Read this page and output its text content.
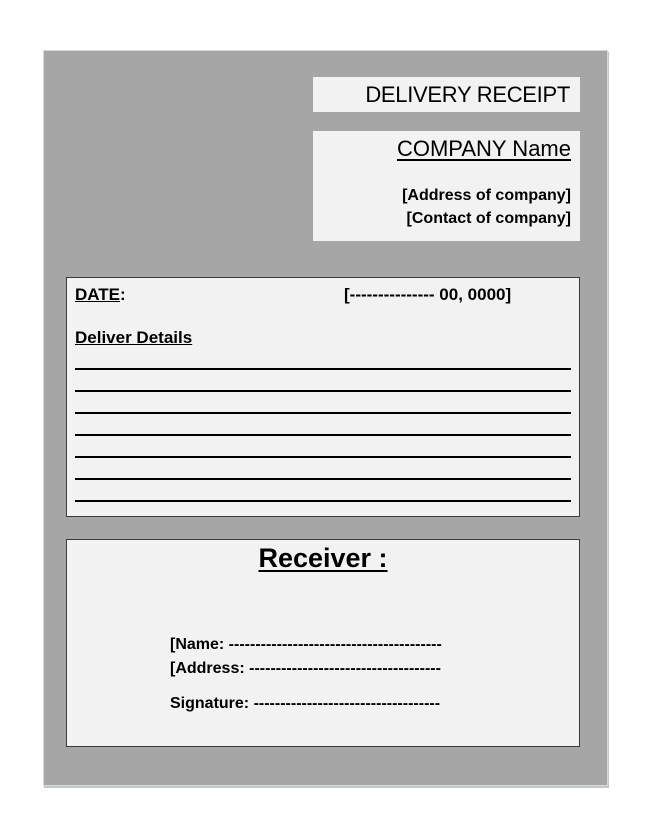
DELIVERY RECEIPT
COMPANY Name
[Address of company]
[Contact of company]
DATE:	[--------------- 00, 0000]
Deliver Details
Receiver :
[Name: ----------------------------------------
[Address: ------------------------------------
Signature: -----------------------------------
